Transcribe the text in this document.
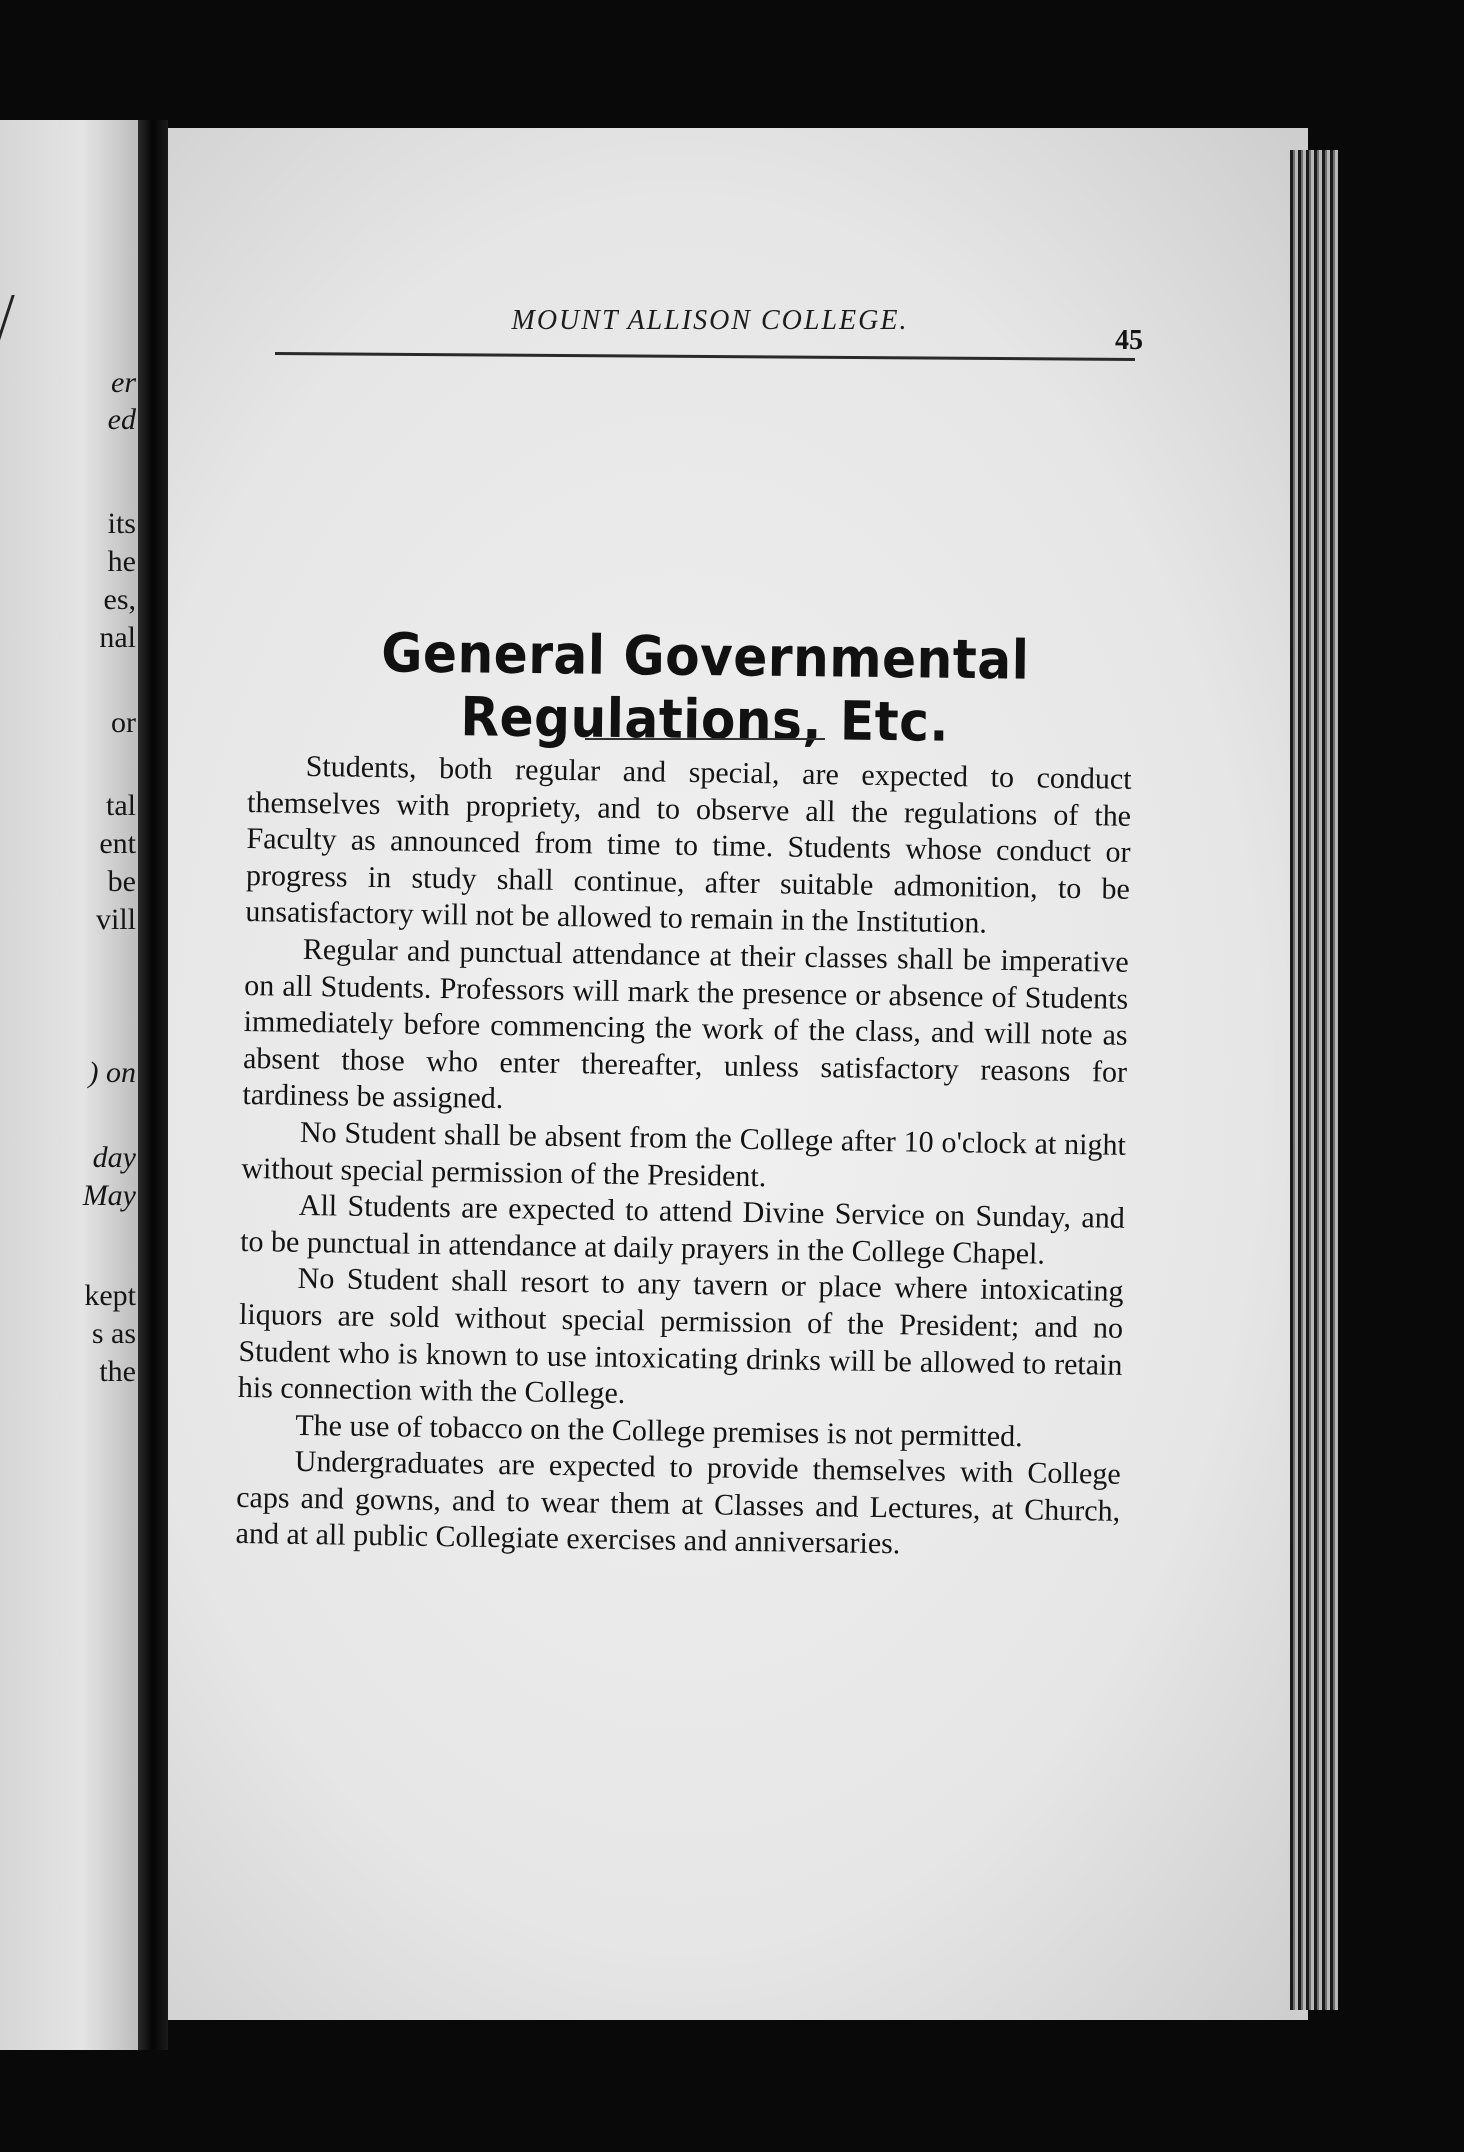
er
ed
its
he
es,
nal
or
tal
ent
be
vill
) on
day
May
kept
s as
the
MOUNT ALLISON COLLEGE.
45
General Governmental Regulations, Etc.

Students, both regular and special, are expected to conduct themselves with propriety, and to observe all the regulations of the Faculty as announced from time to time. Students whose conduct or progress in study shall continue, after suitable admonition, to be unsatisfactory will not be allowed to remain in the Institution.

Regular and punctual attendance at their classes shall be imperative on all Students. Professors will mark the presence or absence of Students immediately before commencing the work of the class, and will note as absent those who enter thereafter, unless satisfactory reasons for tardiness be assigned.

No Student shall be absent from the College after 10 o'clock at night without special permission of the President.

All Students are expected to attend Divine Service on Sunday, and to be punctual in attendance at daily prayers in the College Chapel.

No Student shall resort to any tavern or place where intoxicating liquors are sold without special permission of the President; and no Student who is known to use intoxicating drinks will be allowed to retain his connection with the College.

The use of tobacco on the College premises is not permitted.

Undergraduates are expected to provide themselves with College caps and gowns, and to wear them at Classes and Lectures, at Church, and at all public Collegiate exercises and anniversaries.
